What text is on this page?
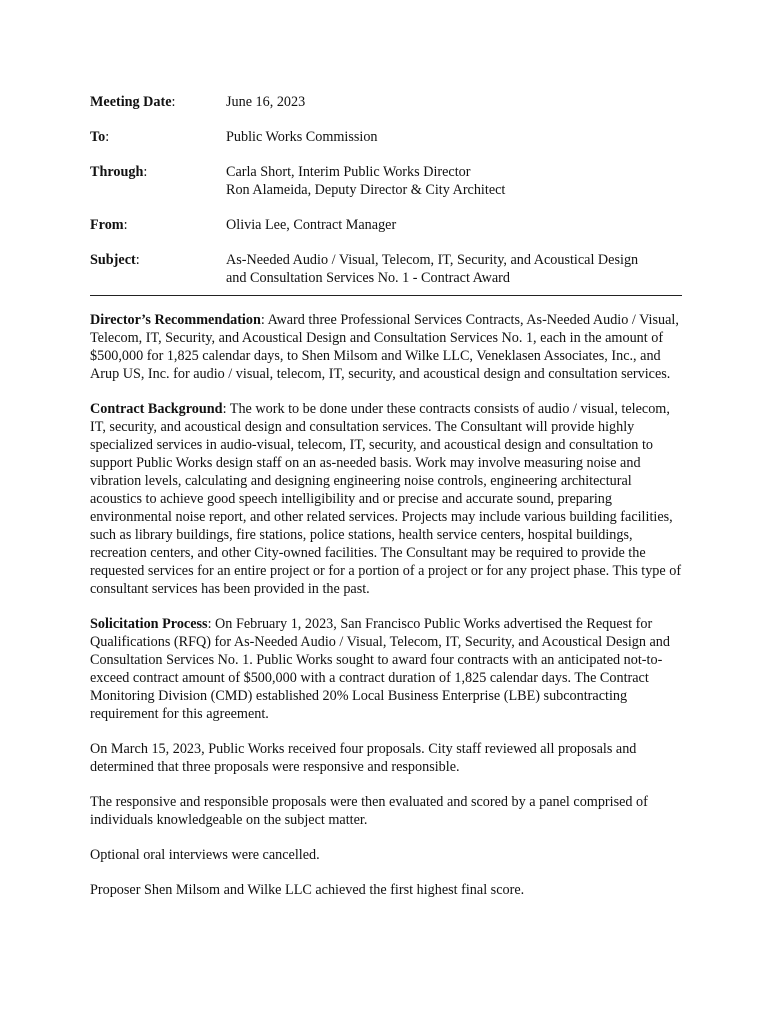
Meeting Date:	June 16, 2023
To:	Public Works Commission
Through:	Carla Short, Interim Public Works Director
Ron Alameida, Deputy Director & City Architect
From:	Olivia Lee, Contract Manager
Subject:	As-Needed Audio / Visual, Telecom, IT, Security, and Acoustical Design
and Consultation Services No. 1 - Contract Award

Director’s Recommendation: Award three Professional Services Contracts, As-Needed Audio / Visual, Telecom, IT, Security, and Acoustical Design and Consultation Services No. 1, each in the amount of $500,000 for 1,825 calendar days, to Shen Milsom and Wilke LLC, Veneklasen Associates, Inc., and Arup US, Inc. for audio / visual, telecom, IT, security, and acoustical design and consultation services.

Contract Background: The work to be done under these contracts consists of audio / visual, telecom, IT, security, and acoustical design and consultation services. The Consultant will provide highly specialized services in audio-visual, telecom, IT, security, and acoustical design and consultation to support Public Works design staff on an as-needed basis. Work may involve measuring noise and vibration levels, calculating and designing engineering noise controls, engineering architectural acoustics to achieve good speech intelligibility and or precise and accurate sound, preparing environmental noise report, and other related services. Projects may include various building facilities, such as library buildings, fire stations, police stations, health service centers, hospital buildings, recreation centers, and other City-owned facilities. The Consultant may be required to provide the requested services for an entire project or for a portion of a project or for any project phase. This type of consultant services has been provided in the past.

Solicitation Process: On February 1, 2023, San Francisco Public Works advertised the Request for Qualifications (RFQ) for As-Needed Audio / Visual, Telecom, IT, Security, and Acoustical Design and Consultation Services No. 1. Public Works sought to award four contracts with an anticipated not-to-exceed contract amount of $500,000 with a contract duration of 1,825 calendar days. The Contract Monitoring Division (CMD) established 20% Local Business Enterprise (LBE) subcontracting requirement for this agreement.

On March 15, 2023, Public Works received four proposals. City staff reviewed all proposals and determined that three proposals were responsive and responsible.

The responsive and responsible proposals were then evaluated and scored by a panel comprised of individuals knowledgeable on the subject matter.

Optional oral interviews were cancelled.

Proposer Shen Milsom and Wilke LLC achieved the first highest final score.
